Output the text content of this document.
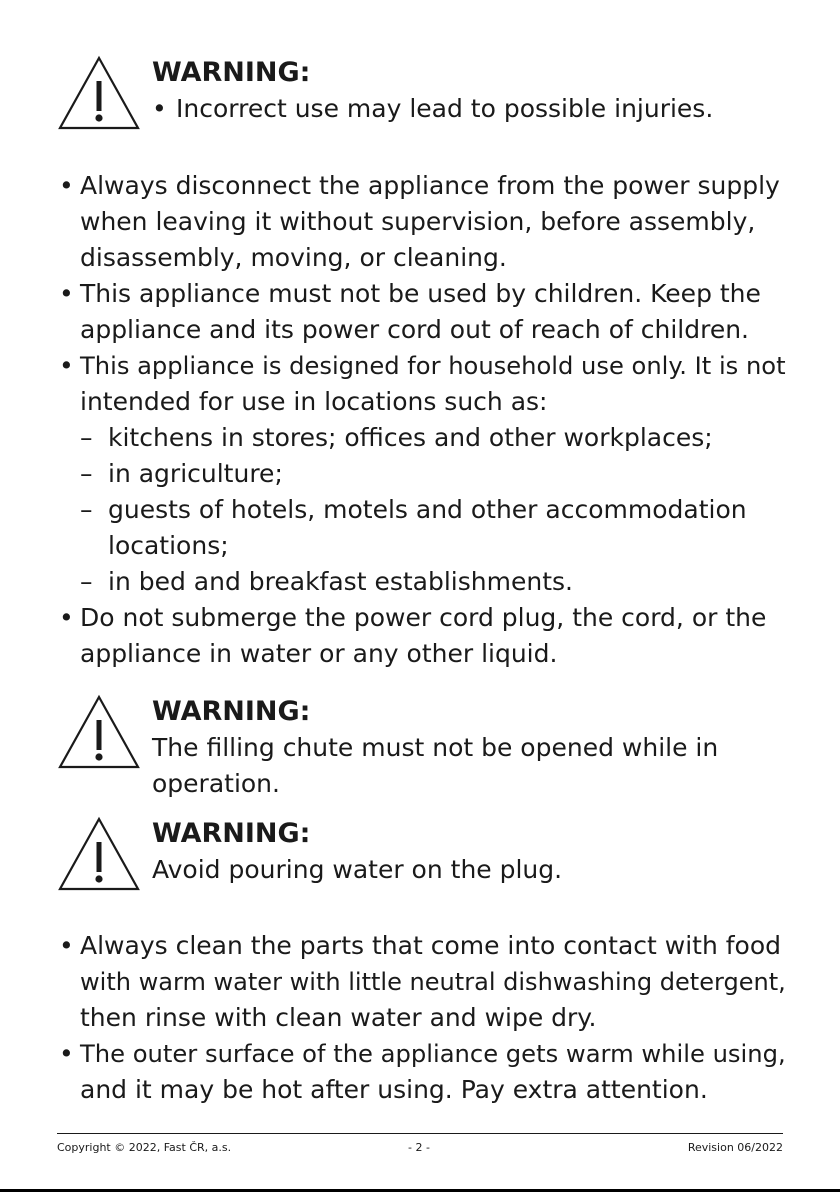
WARNING:
• Incorrect use may lead to possible injuries.
• Always disconnect the appliance from the power supply
when leaving it without supervision, before assembly,
disassembly, moving, or cleaning.
• This appliance must not be used by children. Keep the
appliance and its power cord out of reach of children.
• This appliance is designed for household use only. It is not
intended for use in locations such as:
– kitchens in stores; offices and other workplaces;
– in agriculture;
– guests of hotels, motels and other accommodation
locations;
– in bed and breakfast establishments.
• Do not submerge the power cord plug, the cord, or the
appliance in water or any other liquid.
WARNING:
The filling chute must not be opened while in
operation.
WARNING:
Avoid pouring water on the plug.
• Always clean the parts that come into contact with food
with warm water with little neutral dishwashing detergent,
then rinse with clean water and wipe dry.
• The outer surface of the appliance gets warm while using,
and it may be hot after using. Pay extra attention.
Copyright © 2022, Fast ČR, a.s.	- 2 -	Revision 06/2022
